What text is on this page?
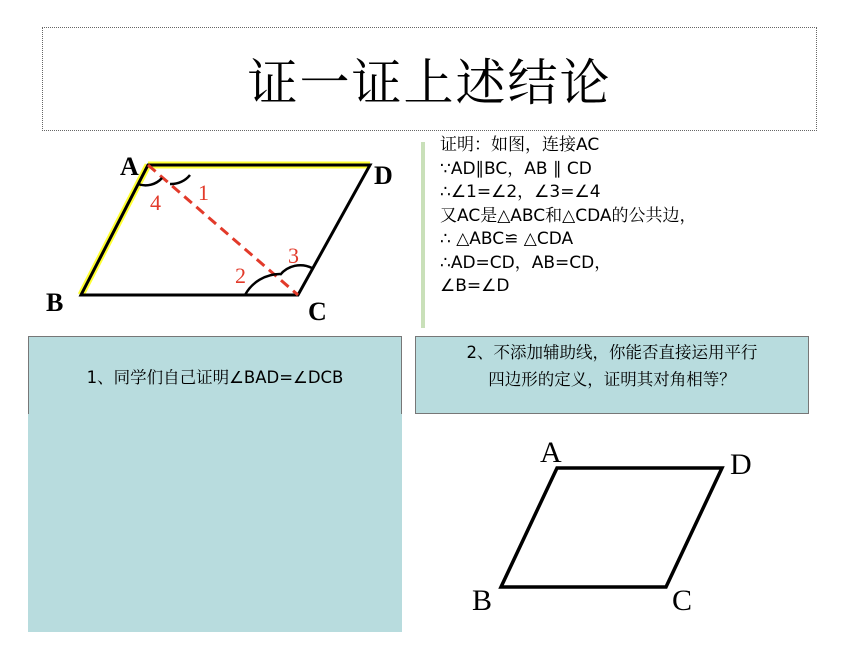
证一证上述结论
A	D
B	C
1
4
2
3
证明：如图，连接AC
∵AD∥BC，AB ∥ CD
∴∠1=∠2，∠3=∠4
又AC是△ABC和△CDA的公共边，
∴ △ABC≌ △CDA
∴AD=CD，AB=CD，
∠B=∠D
1、同学们自己证明∠BAD=∠DCB
2、不添加辅助线，你能否直接运用平行
四边形的定义，证明其对角相等？
A	D
B	C
